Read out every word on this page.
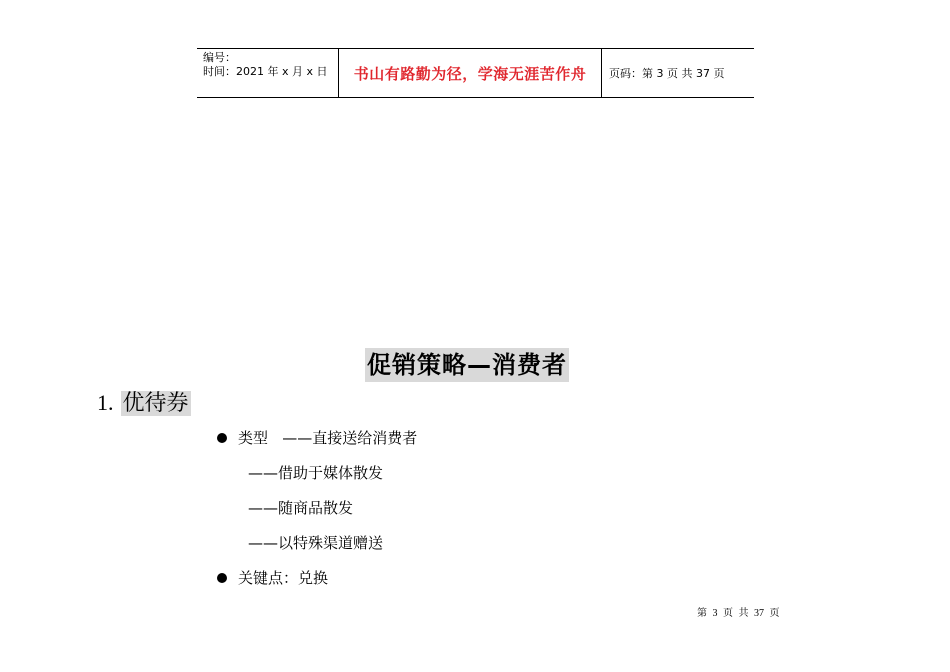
编号：
时间：2021 年 x 月 x 日	书山有路勤为径，学海无涯苦作舟	页码：第 3 页 共 37 页
促销策略—消费者
1. 优待券
类型   ——直接送给消费者
——借助于媒体散发
——随商品散发
——以特殊渠道赠送
关键点：兑换
第 3 页 共 37 页
